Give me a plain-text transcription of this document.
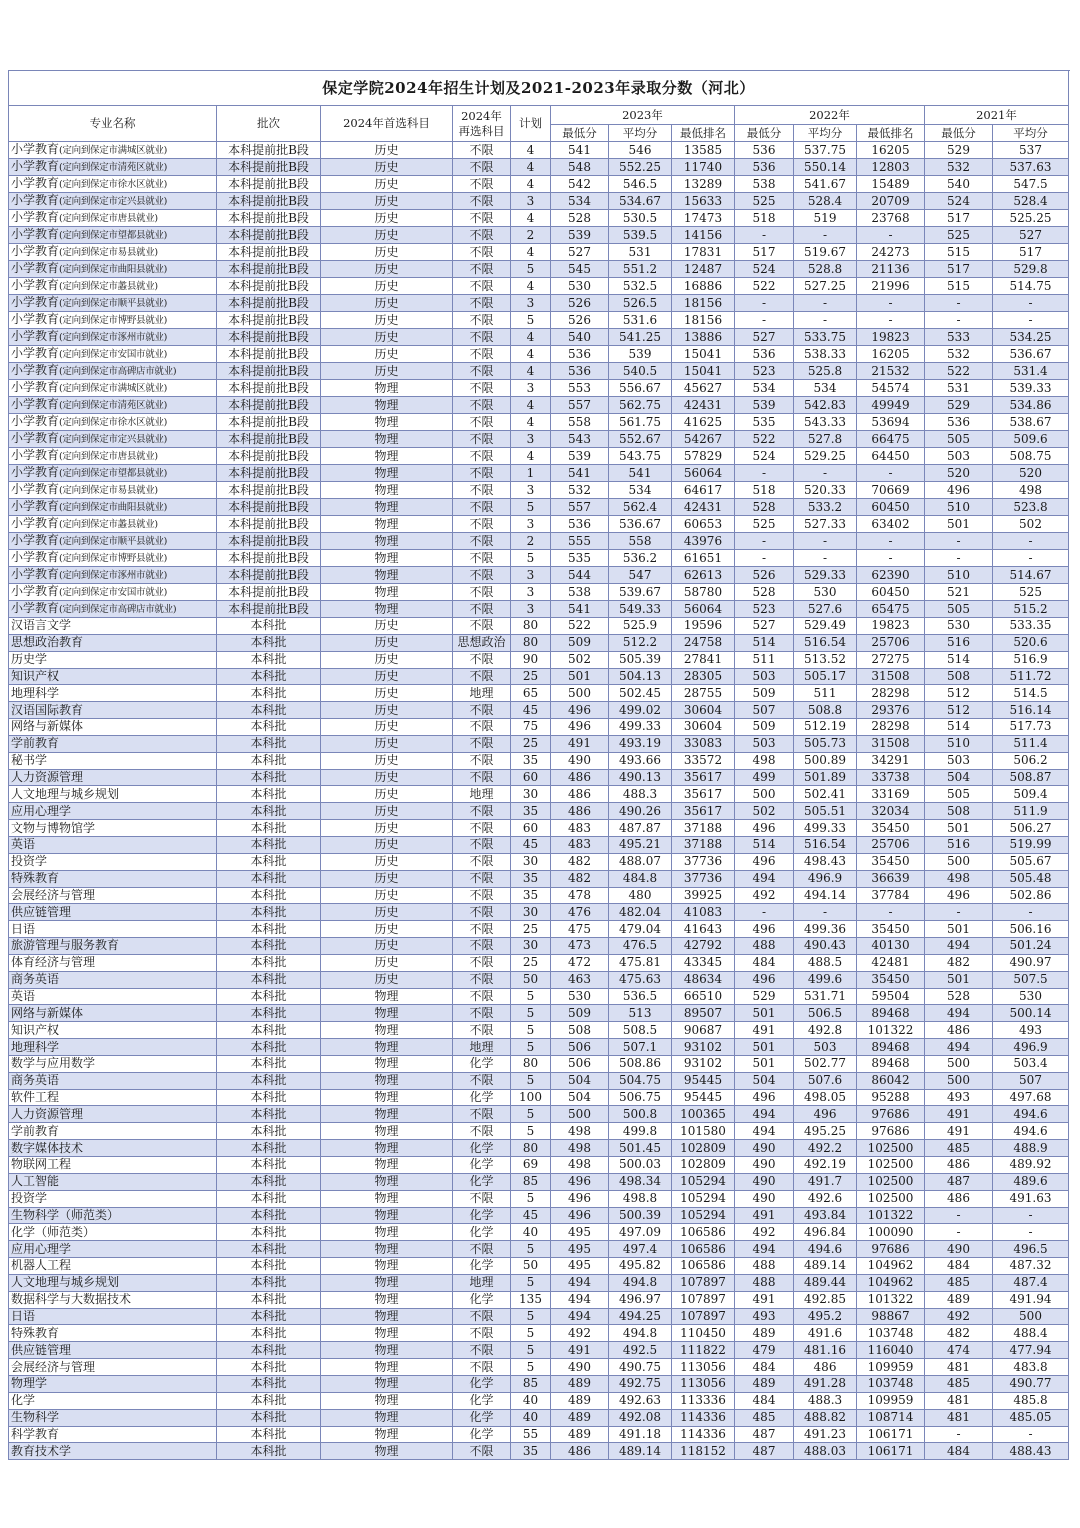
保定学院2024年招生计划及2021-2023年录取分数（河北）												
专业名称	批次	2024年首选科目	2024年
再选科目	计划	2023年			2022年			2021年	
					最低分	平均分	最低排名	最低分	平均分	最低排名	最低分	平均分
小学教育(定向到保定市满城区就业)	本科提前批B段	历史	不限	4	541	546	13585	536	537.75	16205	529	537
小学教育(定向到保定市清苑区就业)	本科提前批B段	历史	不限	4	548	552.25	11740	536	550.14	12803	532	537.63
小学教育(定向到保定市徐水区就业)	本科提前批B段	历史	不限	4	542	546.5	13289	538	541.67	15489	540	547.5
小学教育(定向到保定市定兴县就业)	本科提前批B段	历史	不限	3	534	534.67	15633	525	528.4	20709	524	528.4
小学教育(定向到保定市唐县就业)	本科提前批B段	历史	不限	4	528	530.5	17473	518	519	23768	517	525.25
小学教育(定向到保定市望都县就业)	本科提前批B段	历史	不限	2	539	539.5	14156	-	-	-	525	527
小学教育(定向到保定市易县就业)	本科提前批B段	历史	不限	4	527	531	17831	517	519.67	24273	515	517
小学教育(定向到保定市曲阳县就业)	本科提前批B段	历史	不限	5	545	551.2	12487	524	528.8	21136	517	529.8
小学教育(定向到保定市蠡县就业)	本科提前批B段	历史	不限	4	530	532.5	16886	522	527.25	21996	515	514.75
小学教育(定向到保定市顺平县就业)	本科提前批B段	历史	不限	3	526	526.5	18156	-	-	-	-	-
小学教育(定向到保定市博野县就业)	本科提前批B段	历史	不限	5	526	531.6	18156	-	-	-	-	-
小学教育(定向到保定市涿州市就业)	本科提前批B段	历史	不限	4	540	541.25	13886	527	533.75	19823	533	534.25
小学教育(定向到保定市安国市就业)	本科提前批B段	历史	不限	4	536	539	15041	536	538.33	16205	532	536.67
小学教育(定向到保定市高碑店市就业)	本科提前批B段	历史	不限	4	536	540.5	15041	523	525.8	21532	522	531.4
小学教育(定向到保定市满城区就业)	本科提前批B段	物理	不限	3	553	556.67	45627	534	534	54574	531	539.33
小学教育(定向到保定市清苑区就业)	本科提前批B段	物理	不限	4	557	562.75	42431	539	542.83	49949	529	534.86
小学教育(定向到保定市徐水区就业)	本科提前批B段	物理	不限	4	558	561.75	41625	535	543.33	53694	536	538.67
小学教育(定向到保定市定兴县就业)	本科提前批B段	物理	不限	3	543	552.67	54267	522	527.8	66475	505	509.6
小学教育(定向到保定市唐县就业)	本科提前批B段	物理	不限	4	539	543.75	57829	524	529.25	64450	503	508.75
小学教育(定向到保定市望都县就业)	本科提前批B段	物理	不限	1	541	541	56064	-	-	-	520	520
小学教育(定向到保定市易县就业)	本科提前批B段	物理	不限	3	532	534	64617	518	520.33	70669	496	498
小学教育(定向到保定市曲阳县就业)	本科提前批B段	物理	不限	5	557	562.4	42431	528	533.2	60450	510	523.8
小学教育(定向到保定市蠡县就业)	本科提前批B段	物理	不限	3	536	536.67	60653	525	527.33	63402	501	502
小学教育(定向到保定市顺平县就业)	本科提前批B段	物理	不限	2	555	558	43976	-	-	-	-	-
小学教育(定向到保定市博野县就业)	本科提前批B段	物理	不限	5	535	536.2	61651	-	-	-	-	-
小学教育(定向到保定市涿州市就业)	本科提前批B段	物理	不限	3	544	547	62613	526	529.33	62390	510	514.67
小学教育(定向到保定市安国市就业)	本科提前批B段	物理	不限	3	538	539.67	58780	528	530	60450	521	525
小学教育(定向到保定市高碑店市就业)	本科提前批B段	物理	不限	3	541	549.33	56064	523	527.6	65475	505	515.2
汉语言文学	本科批	历史	不限	80	522	525.9	19596	527	529.49	19823	530	533.35
思想政治教育	本科批	历史	思想政治	80	509	512.2	24758	514	516.54	25706	516	520.6
历史学	本科批	历史	不限	90	502	505.39	27841	511	513.52	27275	514	516.9
知识产权	本科批	历史	不限	25	501	504.13	28305	503	505.17	31508	508	511.72
地理科学	本科批	历史	地理	65	500	502.45	28755	509	511	28298	512	514.5
汉语国际教育	本科批	历史	不限	45	496	499.02	30604	507	508.8	29376	512	516.14
网络与新媒体	本科批	历史	不限	75	496	499.33	30604	509	512.19	28298	514	517.73
学前教育	本科批	历史	不限	25	491	493.19	33083	503	505.73	31508	510	511.4
秘书学	本科批	历史	不限	35	490	493.66	33572	498	500.89	34291	503	506.2
人力资源管理	本科批	历史	不限	60	486	490.13	35617	499	501.89	33738	504	508.87
人文地理与城乡规划	本科批	历史	地理	30	486	488.3	35617	500	502.41	33169	505	509.4
应用心理学	本科批	历史	不限	35	486	490.26	35617	502	505.51	32034	508	511.9
文物与博物馆学	本科批	历史	不限	60	483	487.87	37188	496	499.33	35450	501	506.27
英语	本科批	历史	不限	45	483	495.21	37188	514	516.54	25706	516	519.99
投资学	本科批	历史	不限	30	482	488.07	37736	496	498.43	35450	500	505.67
特殊教育	本科批	历史	不限	35	482	484.8	37736	494	496.9	36639	498	505.48
会展经济与管理	本科批	历史	不限	35	478	480	39925	492	494.14	37784	496	502.86
供应链管理	本科批	历史	不限	30	476	482.04	41083	-	-	-	-	-
日语	本科批	历史	不限	25	475	479.04	41643	496	499.36	35450	501	506.16
旅游管理与服务教育	本科批	历史	不限	30	473	476.5	42792	488	490.43	40130	494	501.24
体育经济与管理	本科批	历史	不限	25	472	475.81	43345	484	488.5	42481	482	490.97
商务英语	本科批	历史	不限	50	463	475.63	48634	496	499.6	35450	501	507.5
英语	本科批	物理	不限	5	530	536.5	66510	529	531.71	59504	528	530
网络与新媒体	本科批	物理	不限	5	509	513	89507	501	506.5	89468	494	500.14
知识产权	本科批	物理	不限	5	508	508.5	90687	491	492.8	101322	486	493
地理科学	本科批	物理	地理	5	506	507.1	93102	501	503	89468	494	496.9
数学与应用数学	本科批	物理	化学	80	506	508.86	93102	501	502.77	89468	500	503.4
商务英语	本科批	物理	不限	5	504	504.75	95445	504	507.6	86042	500	507
软件工程	本科批	物理	化学	100	504	506.75	95445	496	498.05	95288	493	497.68
人力资源管理	本科批	物理	不限	5	500	500.8	100365	494	496	97686	491	494.6
学前教育	本科批	物理	不限	5	498	499.8	101580	494	495.25	97686	491	494.6
数字媒体技术	本科批	物理	化学	80	498	501.45	102809	490	492.2	102500	485	488.9
物联网工程	本科批	物理	化学	69	498	500.03	102809	490	492.19	102500	486	489.92
人工智能	本科批	物理	化学	85	496	498.34	105294	490	491.7	102500	487	489.6
投资学	本科批	物理	不限	5	496	498.8	105294	490	492.6	102500	486	491.63
生物科学（师范类）	本科批	物理	化学	45	496	500.39	105294	491	493.84	101322	-	-
化学（师范类）	本科批	物理	化学	40	495	497.09	106586	492	496.84	100090	-	-
应用心理学	本科批	物理	不限	5	495	497.4	106586	494	494.6	97686	490	496.5
机器人工程	本科批	物理	化学	50	495	495.82	106586	488	489.14	104962	484	487.32
人文地理与城乡规划	本科批	物理	地理	5	494	494.8	107897	488	489.44	104962	485	487.4
数据科学与大数据技术	本科批	物理	化学	135	494	496.97	107897	491	492.85	101322	489	491.94
日语	本科批	物理	不限	5	494	494.25	107897	493	495.2	98867	492	500
特殊教育	本科批	物理	不限	5	492	494.8	110450	489	491.6	103748	482	488.4
供应链管理	本科批	物理	不限	5	491	492.5	111822	479	481.16	116040	474	477.94
会展经济与管理	本科批	物理	不限	5	490	490.75	113056	484	486	109959	481	483.8
物理学	本科批	物理	化学	85	489	492.75	113056	489	491.28	103748	485	490.77
化学	本科批	物理	化学	40	489	492.63	113336	484	488.3	109959	481	485.8
生物科学	本科批	物理	化学	40	489	492.08	114336	485	488.82	108714	481	485.05
科学教育	本科批	物理	化学	55	489	491.18	114336	487	491.23	106171	-	-
教育技术学	本科批	物理	不限	35	486	489.14	118152	487	488.03	106171	484	488.43
